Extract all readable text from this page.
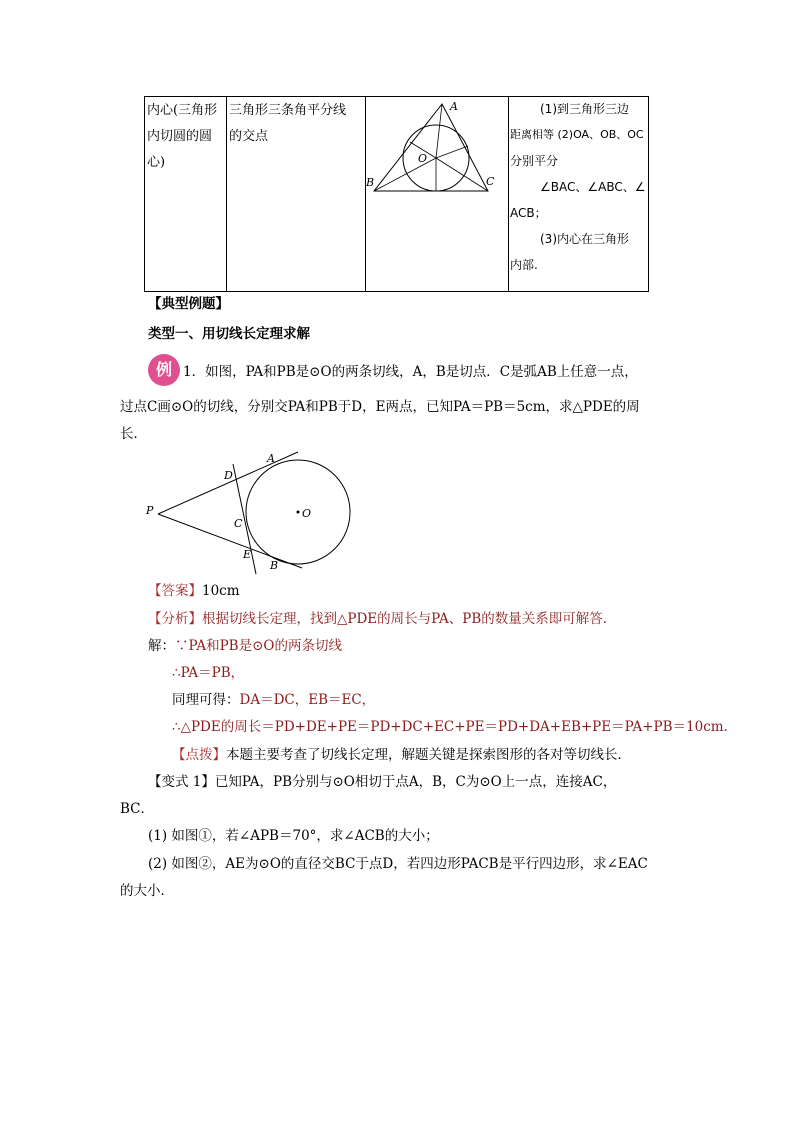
内心(三角形
内切圆的圆
心)
三角形三条角平分线
的交点
A
B	C
O
(1)到三角形三边
距离相等 (2)OA、OB、OC
分别平分
∠BAC、∠ABC、∠
ACB；
(3)内心在三角形
内部.
【典型例题】
类型一、用切线长定理求解
例 1．如图，PA和PB是⊙O的两条切线，A，B是切点．C是弧AB上任意一点，
过点C画⊙O的切线，分别交PA和PB于D，E两点，已知PA＝PB＝5cm，求△PDE的周
长．
P
A
B
C
D
E
O
【答案】10cm
【分析】根据切线长定理，找到△PDE的周长与PA、PB的数量关系即可解答．
解：∵PA和PB是⊙O的两条切线
∴PA＝PB，
同理可得：DA＝DC，EB＝EC，
∴△PDE的周长＝PD+DE+PE＝PD+DC+EC+PE＝PD+DA+EB+PE＝PA+PB＝10cm.
【点拨】本题主要考查了切线长定理，解题关键是探索图形的各对等切线长．
【变式 1】已知PA，PB分别与⊙O相切于点A，B，C为⊙O上一点，连接AC，
BC．
(1) 如图①，若∠APB＝70°，求∠ACB的大小；
(2) 如图②，AE为⊙O的直径交BC于点D，若四边形PACB是平行四边形，求∠EAC
的大小．
